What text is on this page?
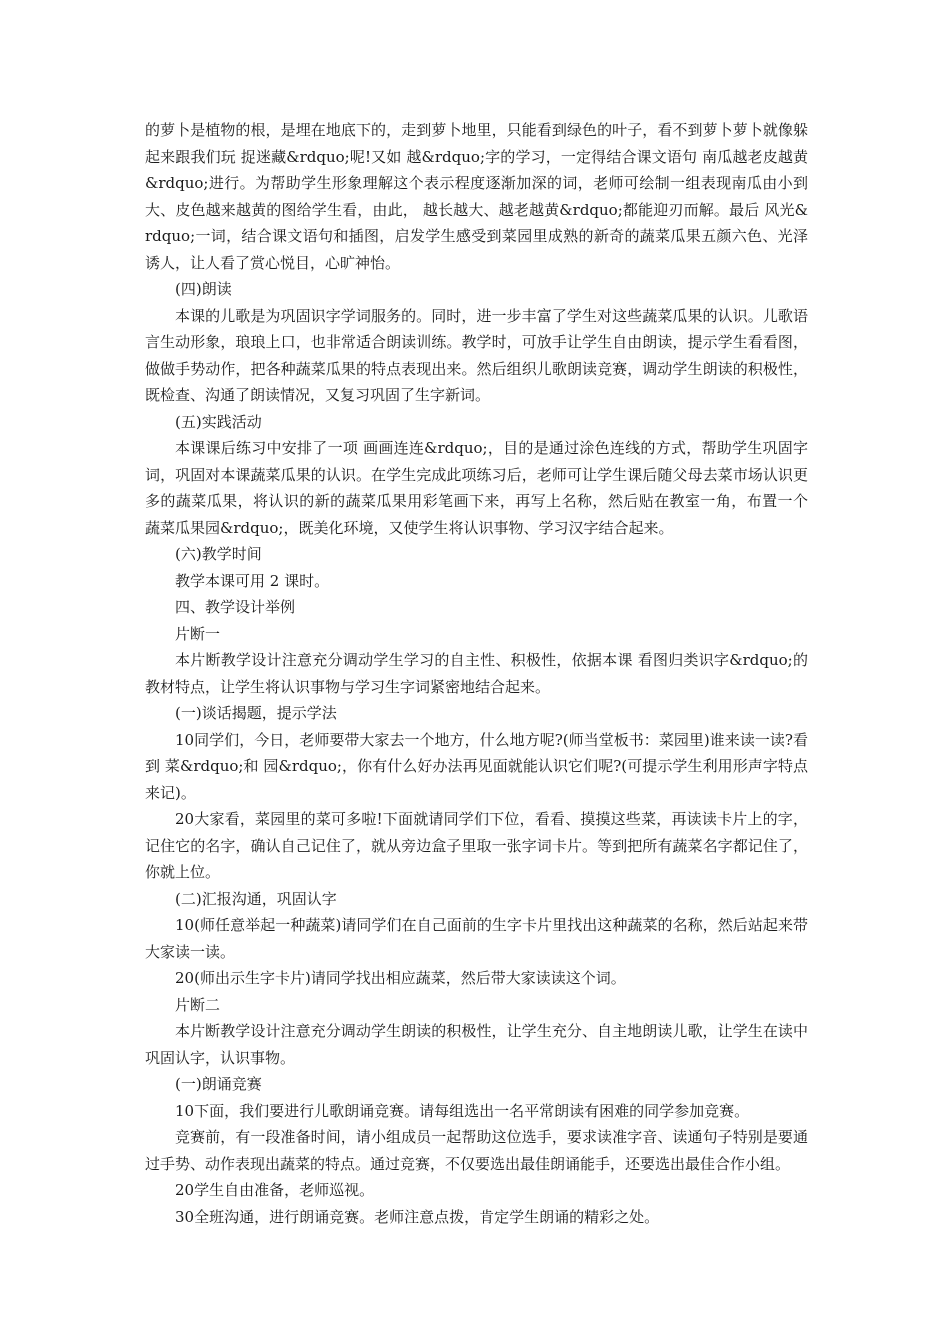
的萝卜是植物的根，是埋在地底下的，走到萝卜地里，只能看到绿色的叶子，看不到萝卜萝卜就像躲起来跟我们玩 捉迷藏&rdquo;呢!又如 越&rdquo;字的学习，一定得结合课文语句 南瓜越老皮越黄&rdquo;进行。为帮助学生形象理解这个表示程度逐渐加深的词，老师可绘制一组表现南瓜由小到大、皮色越来越黄的图给学生看，由此， 越长越大、越老越黄&rdquo;都能迎刃而解。最后 风光&rdquo;一词，结合课文语句和插图，启发学生感受到菜园里成熟的新奇的蔬菜瓜果五颜六色、光泽诱人，让人看了赏心悦目，心旷神怡。

(四)朗读

本课的儿歌是为巩固识字学词服务的。同时，进一步丰富了学生对这些蔬菜瓜果的认识。儿歌语言生动形象，琅琅上口，也非常适合朗读训练。教学时，可放手让学生自由朗读，提示学生看看图，做做手势动作，把各种蔬菜瓜果的特点表现出来。然后组织儿歌朗读竞赛，调动学生朗读的积极性，既检查、沟通了朗读情况，又复习巩固了生字新词。

(五)实践活动

本课课后练习中安排了一项 画画连连&rdquo;，目的是通过涂色连线的方式，帮助学生巩固字词，巩固对本课蔬菜瓜果的认识。在学生完成此项练习后，老师可让学生课后随父母去菜市场认识更多的蔬菜瓜果，将认识的新的蔬菜瓜果用彩笔画下来，再写上名称，然后贴在教室一角，布置一个 蔬菜瓜果园&rdquo;，既美化环境，又使学生将认识事物、学习汉字结合起来。

(六)教学时间

教学本课可用 2 课时。

四、教学设计举例

片断一

本片断教学设计注意充分调动学生学习的自主性、积极性，依据本课 看图归类识字&rdquo;的教材特点，让学生将认识事物与学习生字词紧密地结合起来。

(一)谈话揭题，提示学法

10同学们，今日，老师要带大家去一个地方，什么地方呢?(师当堂板书：菜园里)谁来读一读?看到 菜&rdquo;和 园&rdquo;，你有什么好办法再见面就能认识它们呢?(可提示学生利用形声字特点来记)。

20大家看，菜园里的菜可多啦!下面就请同学们下位，看看、摸摸这些菜，再读读卡片上的字，记住它的名字，确认自己记住了，就从旁边盒子里取一张字词卡片。等到把所有蔬菜名字都记住了，你就上位。

(二)汇报沟通，巩固认字

10(师任意举起一种蔬菜)请同学们在自己面前的生字卡片里找出这种蔬菜的名称，然后站起来带大家读一读。

20(师出示生字卡片)请同学找出相应蔬菜，然后带大家读读这个词。

片断二

本片断教学设计注意充分调动学生朗读的积极性，让学生充分、自主地朗读儿歌，让学生在读中巩固认字，认识事物。

(一)朗诵竞赛

10下面，我们要进行儿歌朗诵竞赛。请每组选出一名平常朗读有困难的同学参加竞赛。

竞赛前，有一段准备时间，请小组成员一起帮助这位选手，要求读准字音、读通句子特别是要通过手势、动作表现出蔬菜的特点。通过竞赛，不仅要选出最佳朗诵能手，还要选出最佳合作小组。

20学生自由准备，老师巡视。

30全班沟通，进行朗诵竞赛。老师注意点拨，肯定学生朗诵的精彩之处。
